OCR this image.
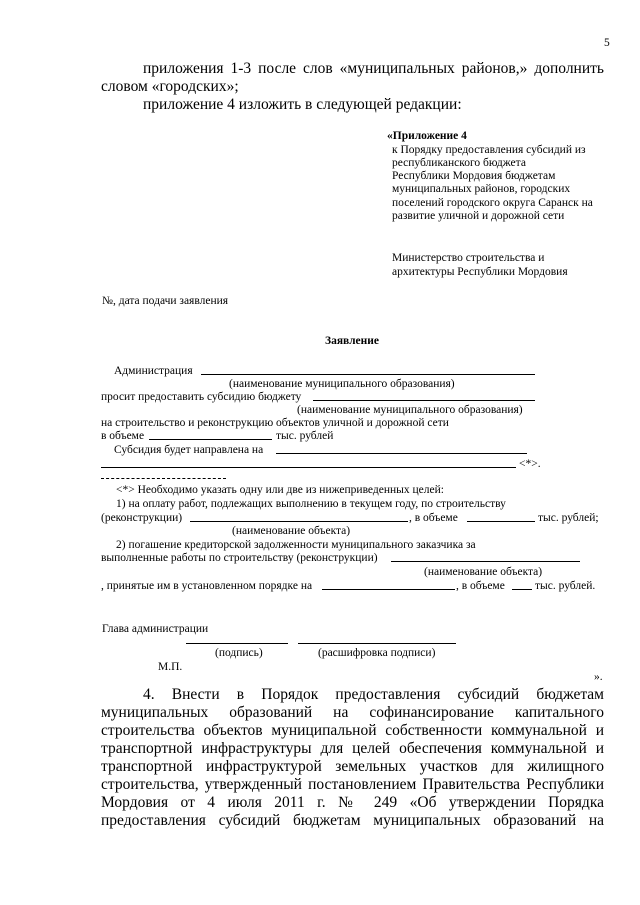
5
приложения 1-3 после слов «муниципальных районов,» дополнить
словом «городских»;
приложение 4 изложить в следующей редакции:
«Приложение 4
к Порядку предоставления субсидий из
республиканского бюджета
Республики Мордовия бюджетам
муниципальных районов, городских
поселений городского округа Саранск на
развитие уличной и дорожной сети
Министерство строительства и
архитектуры Республики Мордовия
№, дата подачи заявления
Заявление
Администрация
(наименование муниципального образования)
просит предоставить субсидию бюджету
(наименование муниципального образования)
на строительство и реконструкцию объектов уличной и дорожной сети
в объеме	тыс. рублей
Субсидия будет направлена на
<*>.
<*> Необходимо указать одну или две из нижеприведенных целей:
1) на оплату работ, подлежащих выполнению в текущем году, по строительству
(реконструкции)	, в объеме	тыс. рублей;
(наименование объекта)
2) погашение кредиторской задолженности муниципального заказчика за
выполненные работы по строительству (реконструкции)
(наименование объекта)
, принятые им в установленном порядке на	, в объеме	тыс. рублей.
Глава администрации
(подпись)	(расшифровка подписи)
М.П.
».
4. Внести в Порядок предоставления субсидий бюджетам
муниципальных образований на софинансирование капитального
строительства объектов муниципальной собственности коммунальной и
транспортной инфраструктуры для целей обеспечения коммунальной и
транспортной инфраструктурой земельных участков для жилищного
строительства, утвержденный постановлением Правительства Республики
Мордовия от 4 июля 2011 г. № 249 «Об утверждении Порядка
предоставления субсидий бюджетам муниципальных образований на
